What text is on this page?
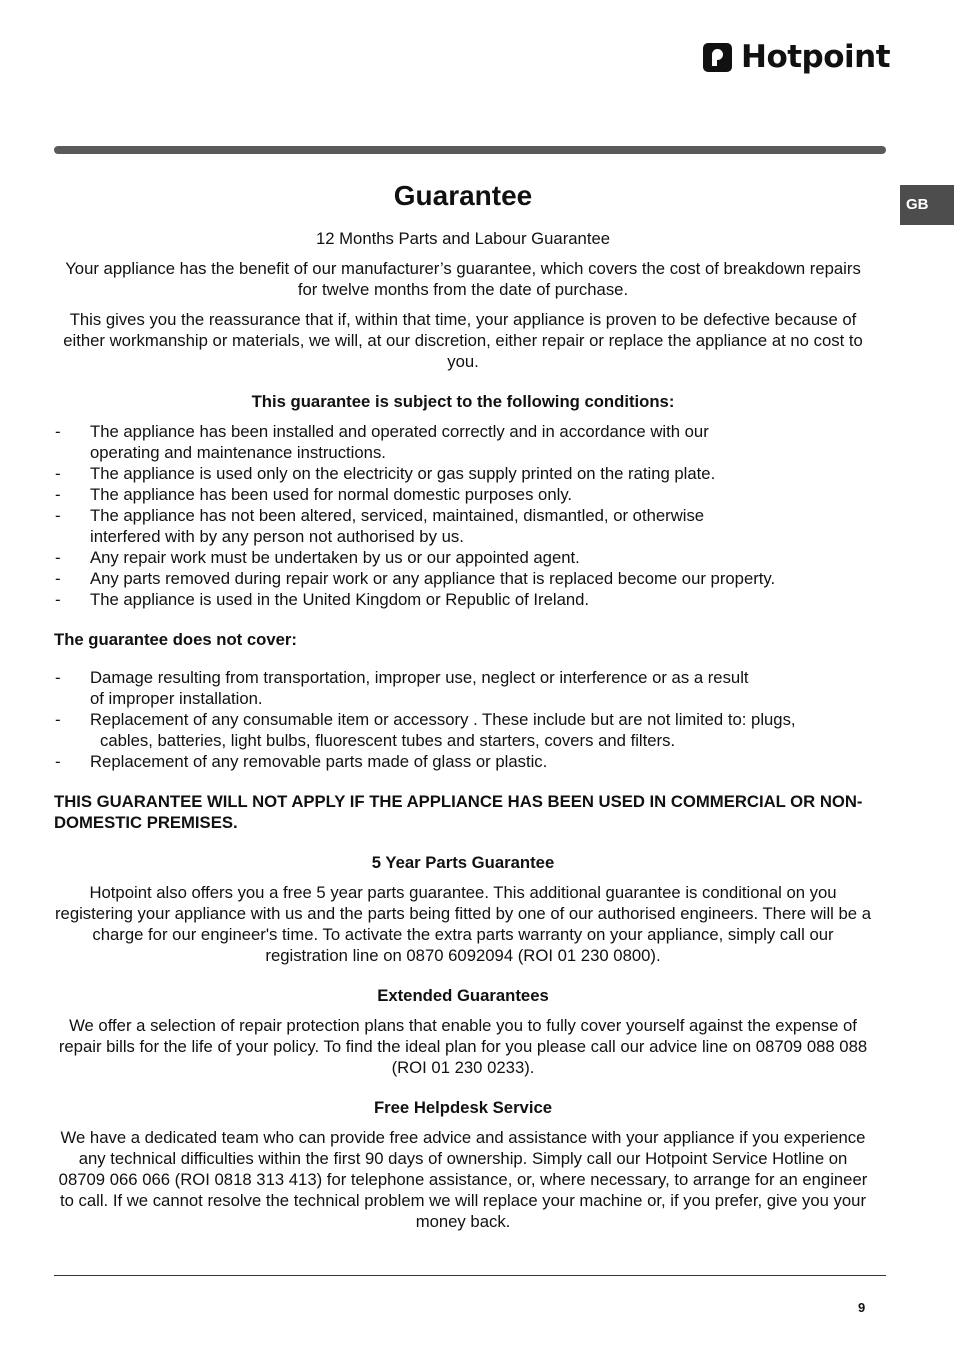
Hotpoint
GB
Guarantee

12 Months Parts and Labour Guarantee

Your appliance has the benefit of our manufacturer’s guarantee, which covers the cost of breakdown repairs for twelve months from the date of purchase.

This gives you the reassurance that if, within that time, your appliance is proven to be defective because of either workmanship or materials, we will, at our discretion, either repair or replace the appliance at no cost to you.

This guarantee is subject to the following conditions:

- The appliance has been installed and operated correctly and in accordance with our
operating and maintenance instructions.
- The appliance is used only on the electricity or gas supply printed on the rating plate.
- The appliance has been used for normal domestic purposes only.
- The appliance has not been altered, serviced, maintained, dismantled, or otherwise
interfered with by any person not authorised by us.
- Any repair work must be undertaken by us or our appointed agent.
- Any parts removed during repair work or any appliance that is replaced become our property.
- The appliance is used in the United Kingdom or Republic of Ireland.

The guarantee does not cover:

- Damage resulting from transportation, improper use, neglect or interference or as a result
of improper installation.
- Replacement of any consumable item or accessory . These include but are not limited to: plugs,
cables, batteries, light bulbs, fluorescent tubes and starters, covers and filters.
- Replacement of any removable parts made of glass or plastic.

THIS GUARANTEE WILL NOT APPLY IF THE APPLIANCE HAS BEEN USED IN COMMERCIAL OR NON-DOMESTIC PREMISES.

5 Year Parts Guarantee

Hotpoint also offers you a free 5 year parts guarantee. This additional guarantee is conditional on you registering your appliance with us and the parts being fitted by one of our authorised engineers. There will be a charge for our engineer's time. To activate the extra parts warranty on your appliance, simply call our registration line on 0870 6092094 (ROI 01 230 0800).

Extended Guarantees

We offer a selection of repair protection plans that enable you to fully cover yourself against the expense of repair bills for the life of your policy. To find the ideal plan for you please call our advice line on 08709 088 088 (ROI 01 230 0233).

Free Helpdesk Service

We have a dedicated team who can provide free advice and assistance with your appliance if you experience any technical difficulties within the first 90 days of ownership. Simply call our Hotpoint Service Hotline on 08709 066 066 (ROI 0818 313 413) for telephone assistance, or, where necessary, to arrange for an engineer to call. If we cannot resolve the technical problem we will replace your machine or, if you prefer, give you your money back.

9
